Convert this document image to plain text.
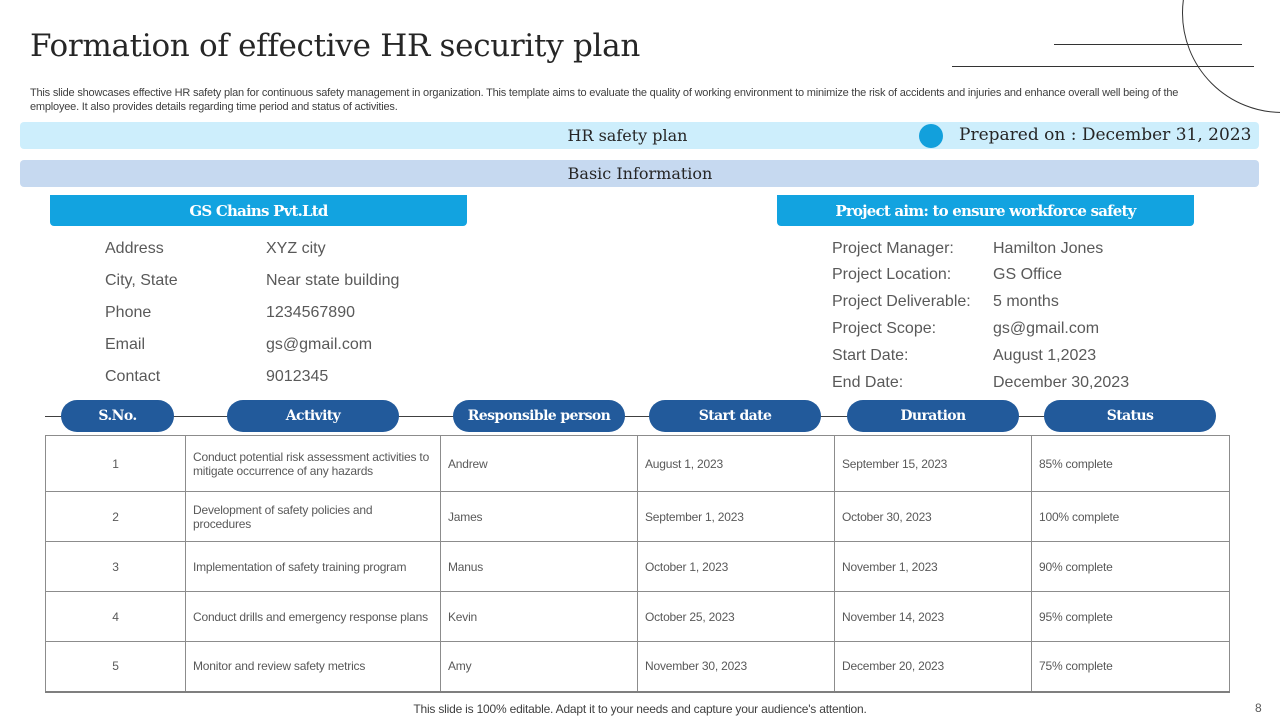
Formation of effective HR security plan
This slide showcases effective HR safety plan for continuous safety management in organization. This template aims to evaluate the quality of working environment to minimize the risk of accidents and injuries and enhance overall well being of the employee. It also provides details regarding time period and status of activities.
HR safety plan	Prepared on : December 31, 2023
Basic Information
GS Chains Pvt.Ltd
Address	XYZ city
City, State	Near state building
Phone	1234567890
Email	gs@gmail.com
Contact	9012345
Project aim: to ensure workforce safety
Project Manager: Hamilton Jones
Project Location:	GS Office
Project Deliverable: 5 months
Project Scope:	gs@gmail.com
Start Date:	August 1,2023
End Date:	December 30,2023
S.No.	Activity	Responsible person	Start date	Duration	Status
1	Conduct potential risk assessment activities to mitigate occurrence of any hazards	Andrew	August 1, 2023	September 15, 2023	85% complete
2	Development of safety policies and procedures	James	September 1, 2023	October 30, 2023	100% complete
3	Implementation of safety training program	Manus	October 1, 2023	November 1, 2023	90% complete
4	Conduct drills and emergency response plans	Kevin	October 25, 2023	November 14, 2023	95% complete
5	Monitor and review safety metrics	Amy	November 30, 2023	December 20, 2023	75% complete
This slide is 100% editable. Adapt it to your needs and capture your audience's attention.	8
